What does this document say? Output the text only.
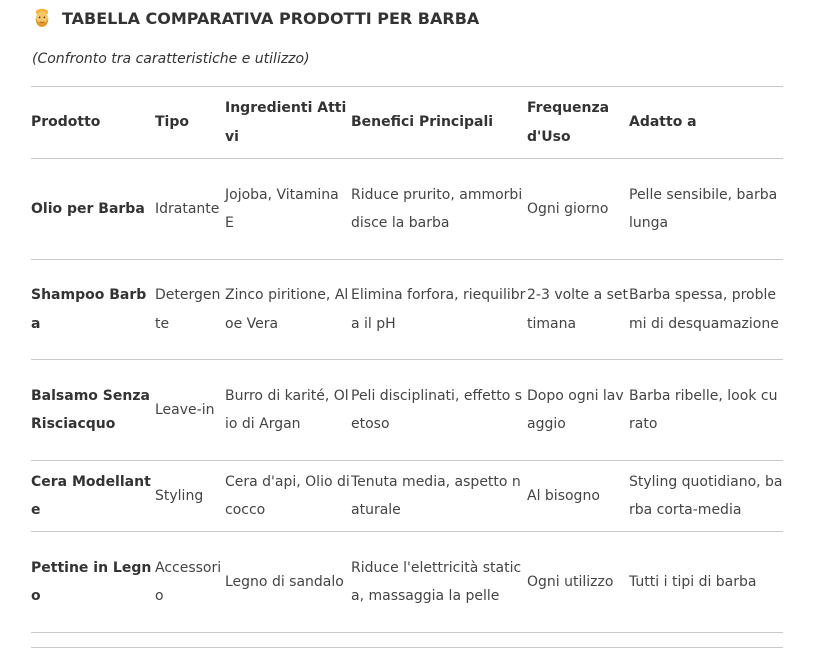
TABELLA COMPARATIVA PRODOTTI PER BARBA
(Confronto tra caratteristiche e utilizzo)
Prodotto	Tipo	Ingredienti Attivi	Benefici Principali	Frequenza d'Uso	Adatto a
Olio per Barba	Idratante	Jojoba, Vitamina E	Riduce prurito, ammorbidisce la barba	Ogni giorno	Pelle sensibile, barba lunga
Shampoo Barba	Detergente	Zinco piritione, Aloe Vera	Elimina forfora, riequilibra il pH	2-3 volte a settimana	Barba spessa, problemi di desquamazione
Balsamo Senza Risciacquo	Leave-in	Burro di karité, Olio di Argan	Peli disciplinati, effetto setoso	Dopo ogni lavaggio	Barba ribelle, look curato
Cera Modellante	Styling	Cera d'api, Olio di cocco	Tenuta media, aspetto naturale	Al bisogno	Styling quotidiano, barba corta-media
Pettine in Legno	Accessorio	Legno di sandalo	Riduce l'elettricità statica, massaggia la pelle	Ogni utilizzo	Tutti i tipi di barba
